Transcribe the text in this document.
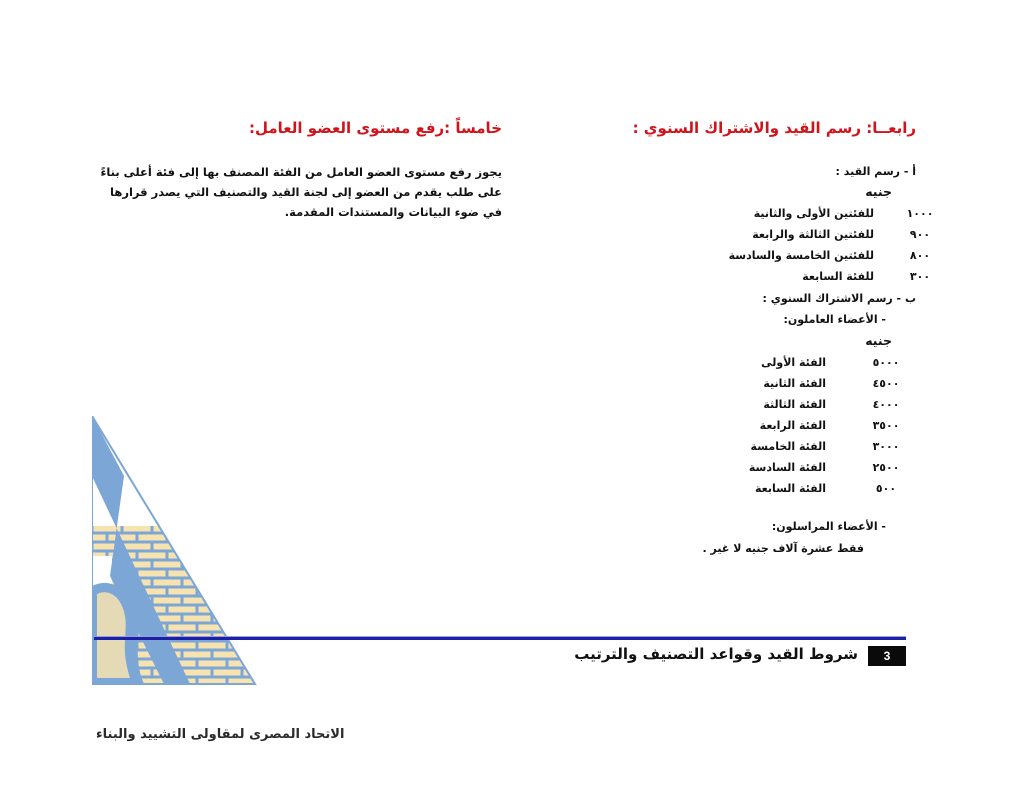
رابعــا: رسم القيد والاشتراك السنوي :
خامساً :رفع مستوى العضو العامل:
يجوز رفع مستوى العضو العامل من الفئة المصنف بها إلى فئة أعلى بناءً
على طلب يقدم من العضو إلى لجنة القيد والتصنيف التي يصدر قرارها
في ضوء البيانات والمستندات المقدمة.
أ - رسم القيد :
جنيه
١٠٠٠
للفئتين الأولى والثانية
٩٠٠
للفئتين الثالثة والرابعة
٨٠٠
للفئتين الخامسة والسادسة
٣٠٠
للفئة السابعة
ب - رسم الاشتراك السنوي :
- الأعضاء العاملون:
جنيه
٥٠٠٠
الفئة الأولى
٤٥٠٠
الفئة الثانية
٤٠٠٠
الفئة الثالثة
٣٥٠٠
الفئة الرابعة
٣٠٠٠
الفئة الخامسة
٢٥٠٠
الفئة السادسة
٥٠٠
الفئة السابعة
- الأعضاء المراسلون:
فقط عشرة آلاف جنيه لا غير .
3
شروط القيد وقواعد التصنيف والترتيب
الاتحاد المصرى لمقاولى التشييد والبناء
